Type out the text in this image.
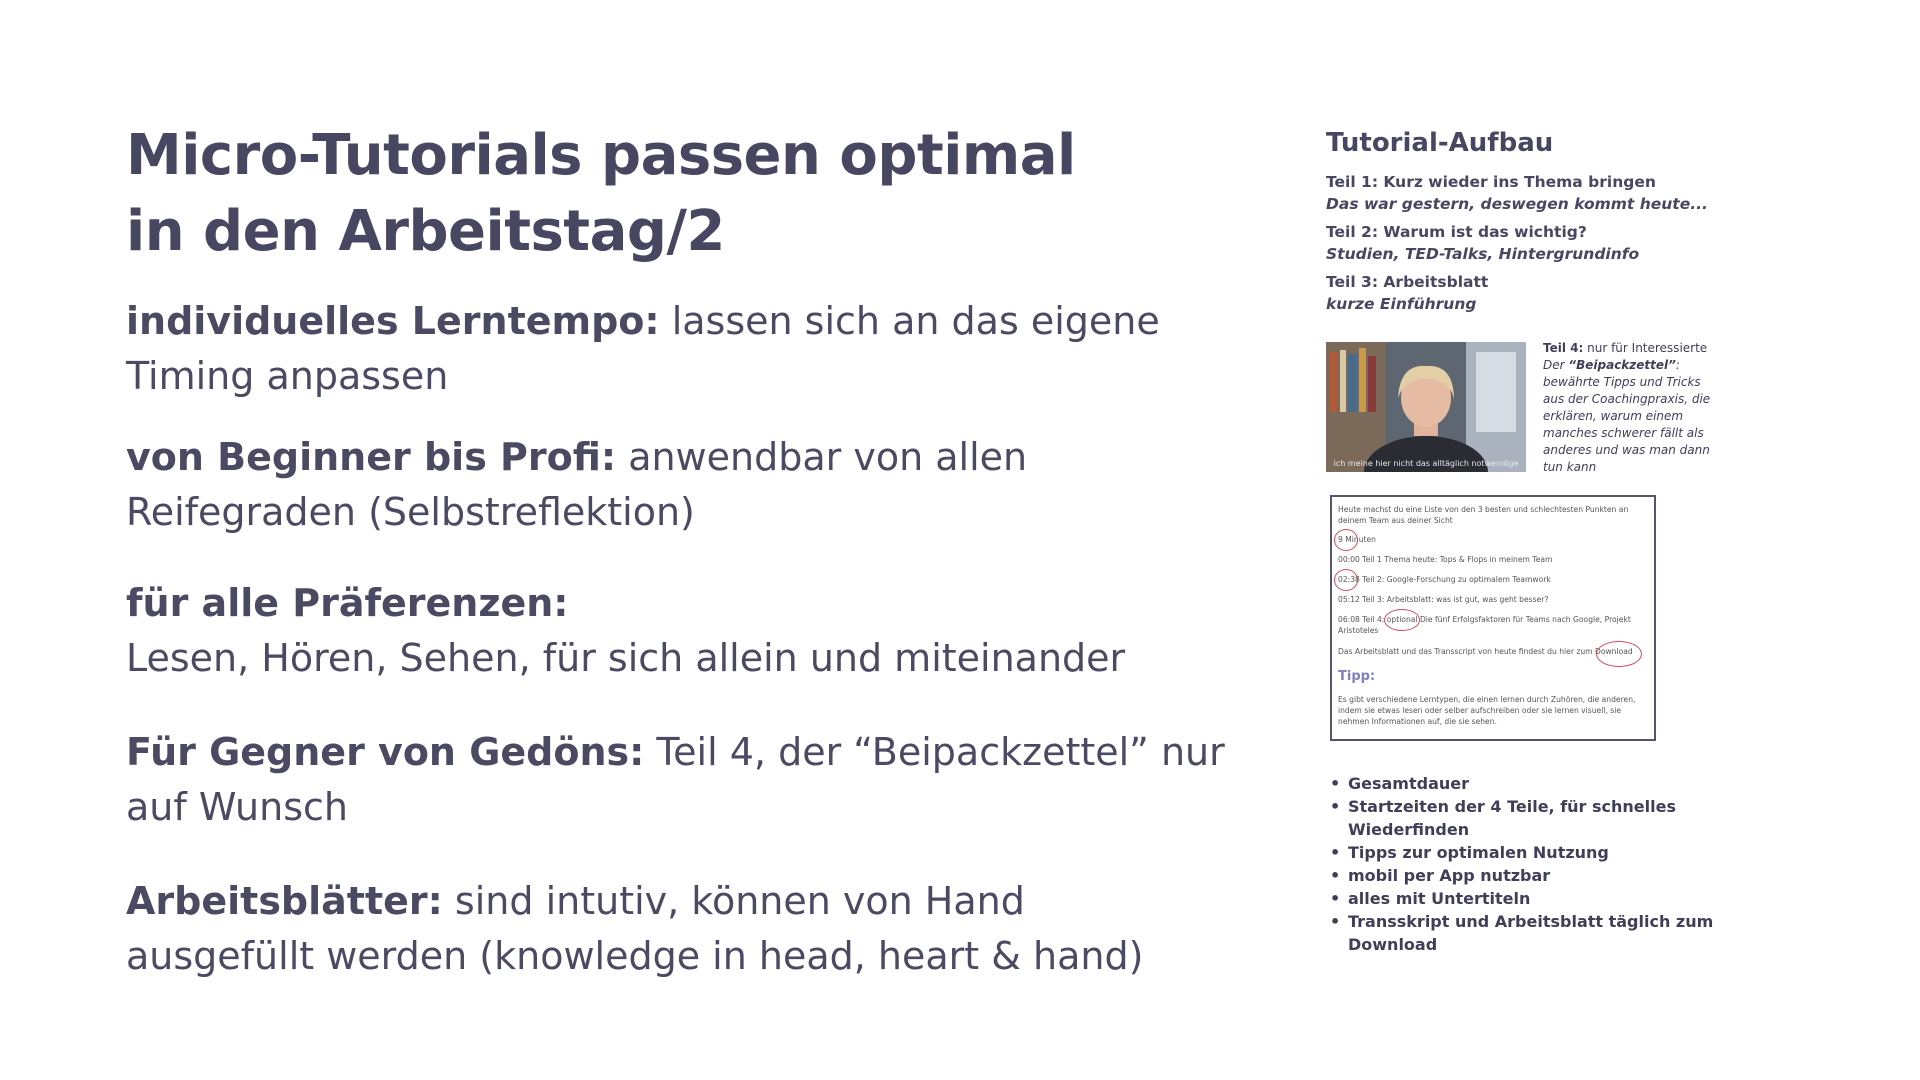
Micro-Tutorials passen optimal
in den Arbeitstag/2
individuelles Lerntempo: lassen sich an das eigene
Timing anpassen
von Beginner bis Profi: anwendbar von allen
Reifegraden (Selbstreflektion)
für alle Präferenzen:
Lesen, Hören, Sehen, für sich allein und miteinander
Für Gegner von Gedöns: Teil 4, der “Beipackzettel” nur
auf Wunsch
Arbeitsblätter: sind intutiv, können von Hand
ausgefüllt werden (knowledge in head, heart & hand)
Tutorial-Aufbau
Teil 1: Kurz wieder ins Thema bringen
Das war gestern, deswegen kommt heute...
Teil 2: Warum ist das wichtig?
Studien, TED-Talks, Hintergrundinfo
Teil 3: Arbeitsblatt
kurze Einführung
ich meine hier nicht das alltäglich notwendige
Teil 4: nur für Interessierte
Der “Beipackzettel”:
bewährte Tipps und Tricks aus der Coachingpraxis, die erklären, warum einem manches schwerer fällt als anderes und was man dann tun kann
Heute machst du eine Liste von den 3 besten und schlechtesten Punkten an
deinem Team aus deiner Sicht
9 Minuten
00:00 Teil 1 Thema heute: Tops & Flops in meinem Team
02:38 Teil 2: Google-Forschung zu optimalem Teamwork
05:12 Teil 3: Arbeitsblatt: was ist gut, was geht besser?
06:08 Teil 4: optional Die fünf Erfolgsfaktoren für Teams nach Google, Projekt
Aristoteles
Das Arbeitsblatt und das Transscript von heute findest du hier zum Download
Tipp:
Es gibt verschiedene Lerntypen, die einen lernen durch Zuhören, die anderen,
indem sie etwas lesen oder selber aufschreiben oder sie lernen visuell, sie
nehmen Informationen auf, die sie sehen.
• Gesamtdauer
• Startzeiten der 4 Teile, für schnelles Wiederfinden
• Tipps zur optimalen Nutzung
• mobil per App nutzbar
• alles mit Untertiteln
• Transskript und Arbeitsblatt täglich zum Download
